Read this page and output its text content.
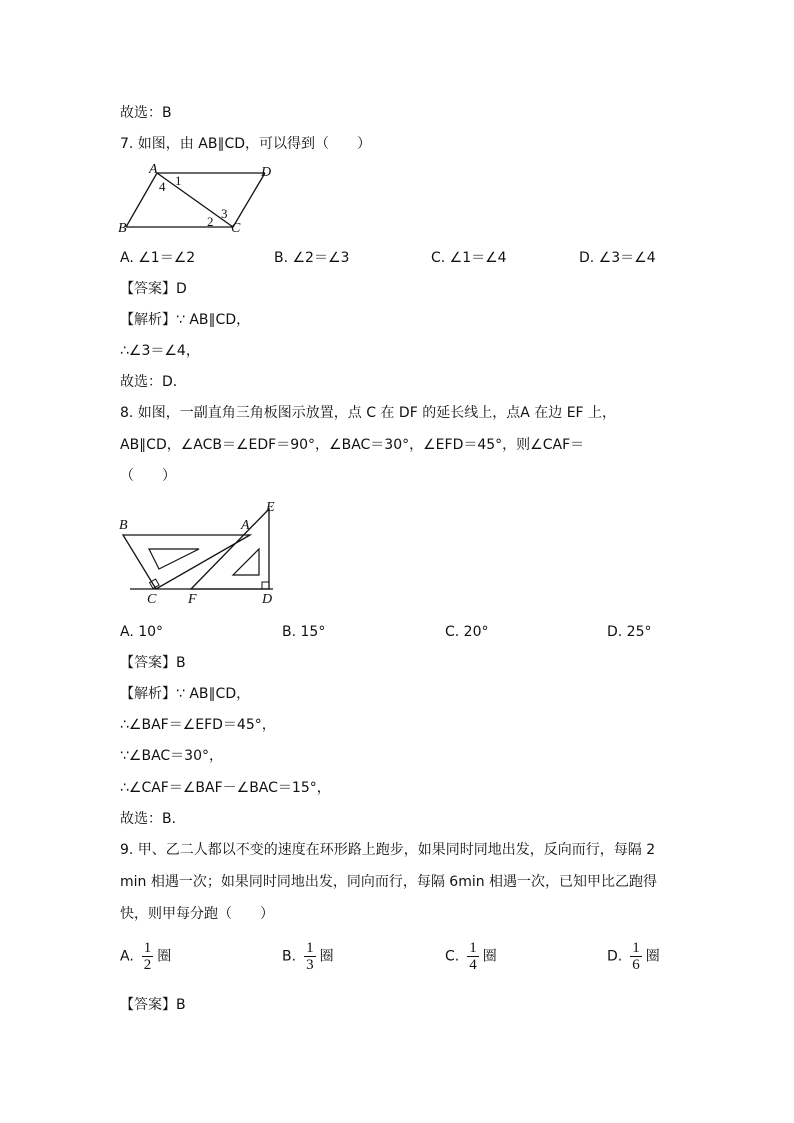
故选：B
7. 如图，由 AB∥CD，可以得到（　　）
A
B	C
D
1
4
2
3
A. ∠1＝∠2	B. ∠2＝∠3	C. ∠1＝∠4	D. ∠3＝∠4
【答案】D
【解析】∵ AB∥CD，
∴∠3＝∠4，
故选：D．
8. 如图，一副直角三角板图示放置，点 C 在 DF 的延长线上，点A 在边 EF 上，
AB∥CD，∠ACB＝∠EDF＝90°，∠BAC＝30°，∠EFD＝45°，则∠CAF＝
（　　）
B	A
E
C F	D
A. 10°	B. 15°	C. 20°	D. 25°
【答案】B
【解析】∵ AB∥CD，
∴∠BAF＝∠EFD＝45°，
∵∠BAC＝30°，
∴∠CAF＝∠BAF－∠BAC＝15°，
故选：B．
9. 甲、乙二人都以不变的速度在环形路上跑步，如果同时同地出发，反向而行，每隔 2
min 相遇一次；如果同时同地出发，同向而行，每隔 6min 相遇一次，已知甲比乙跑得
快，则甲每分跑（　　）
A. $\frac{1}{2}$ 圈	B. $\frac{1}{3}$ 圈	C. $\frac{1}{4}$ 圈	D. $\frac{1}{6}$ 圈
【答案】B
